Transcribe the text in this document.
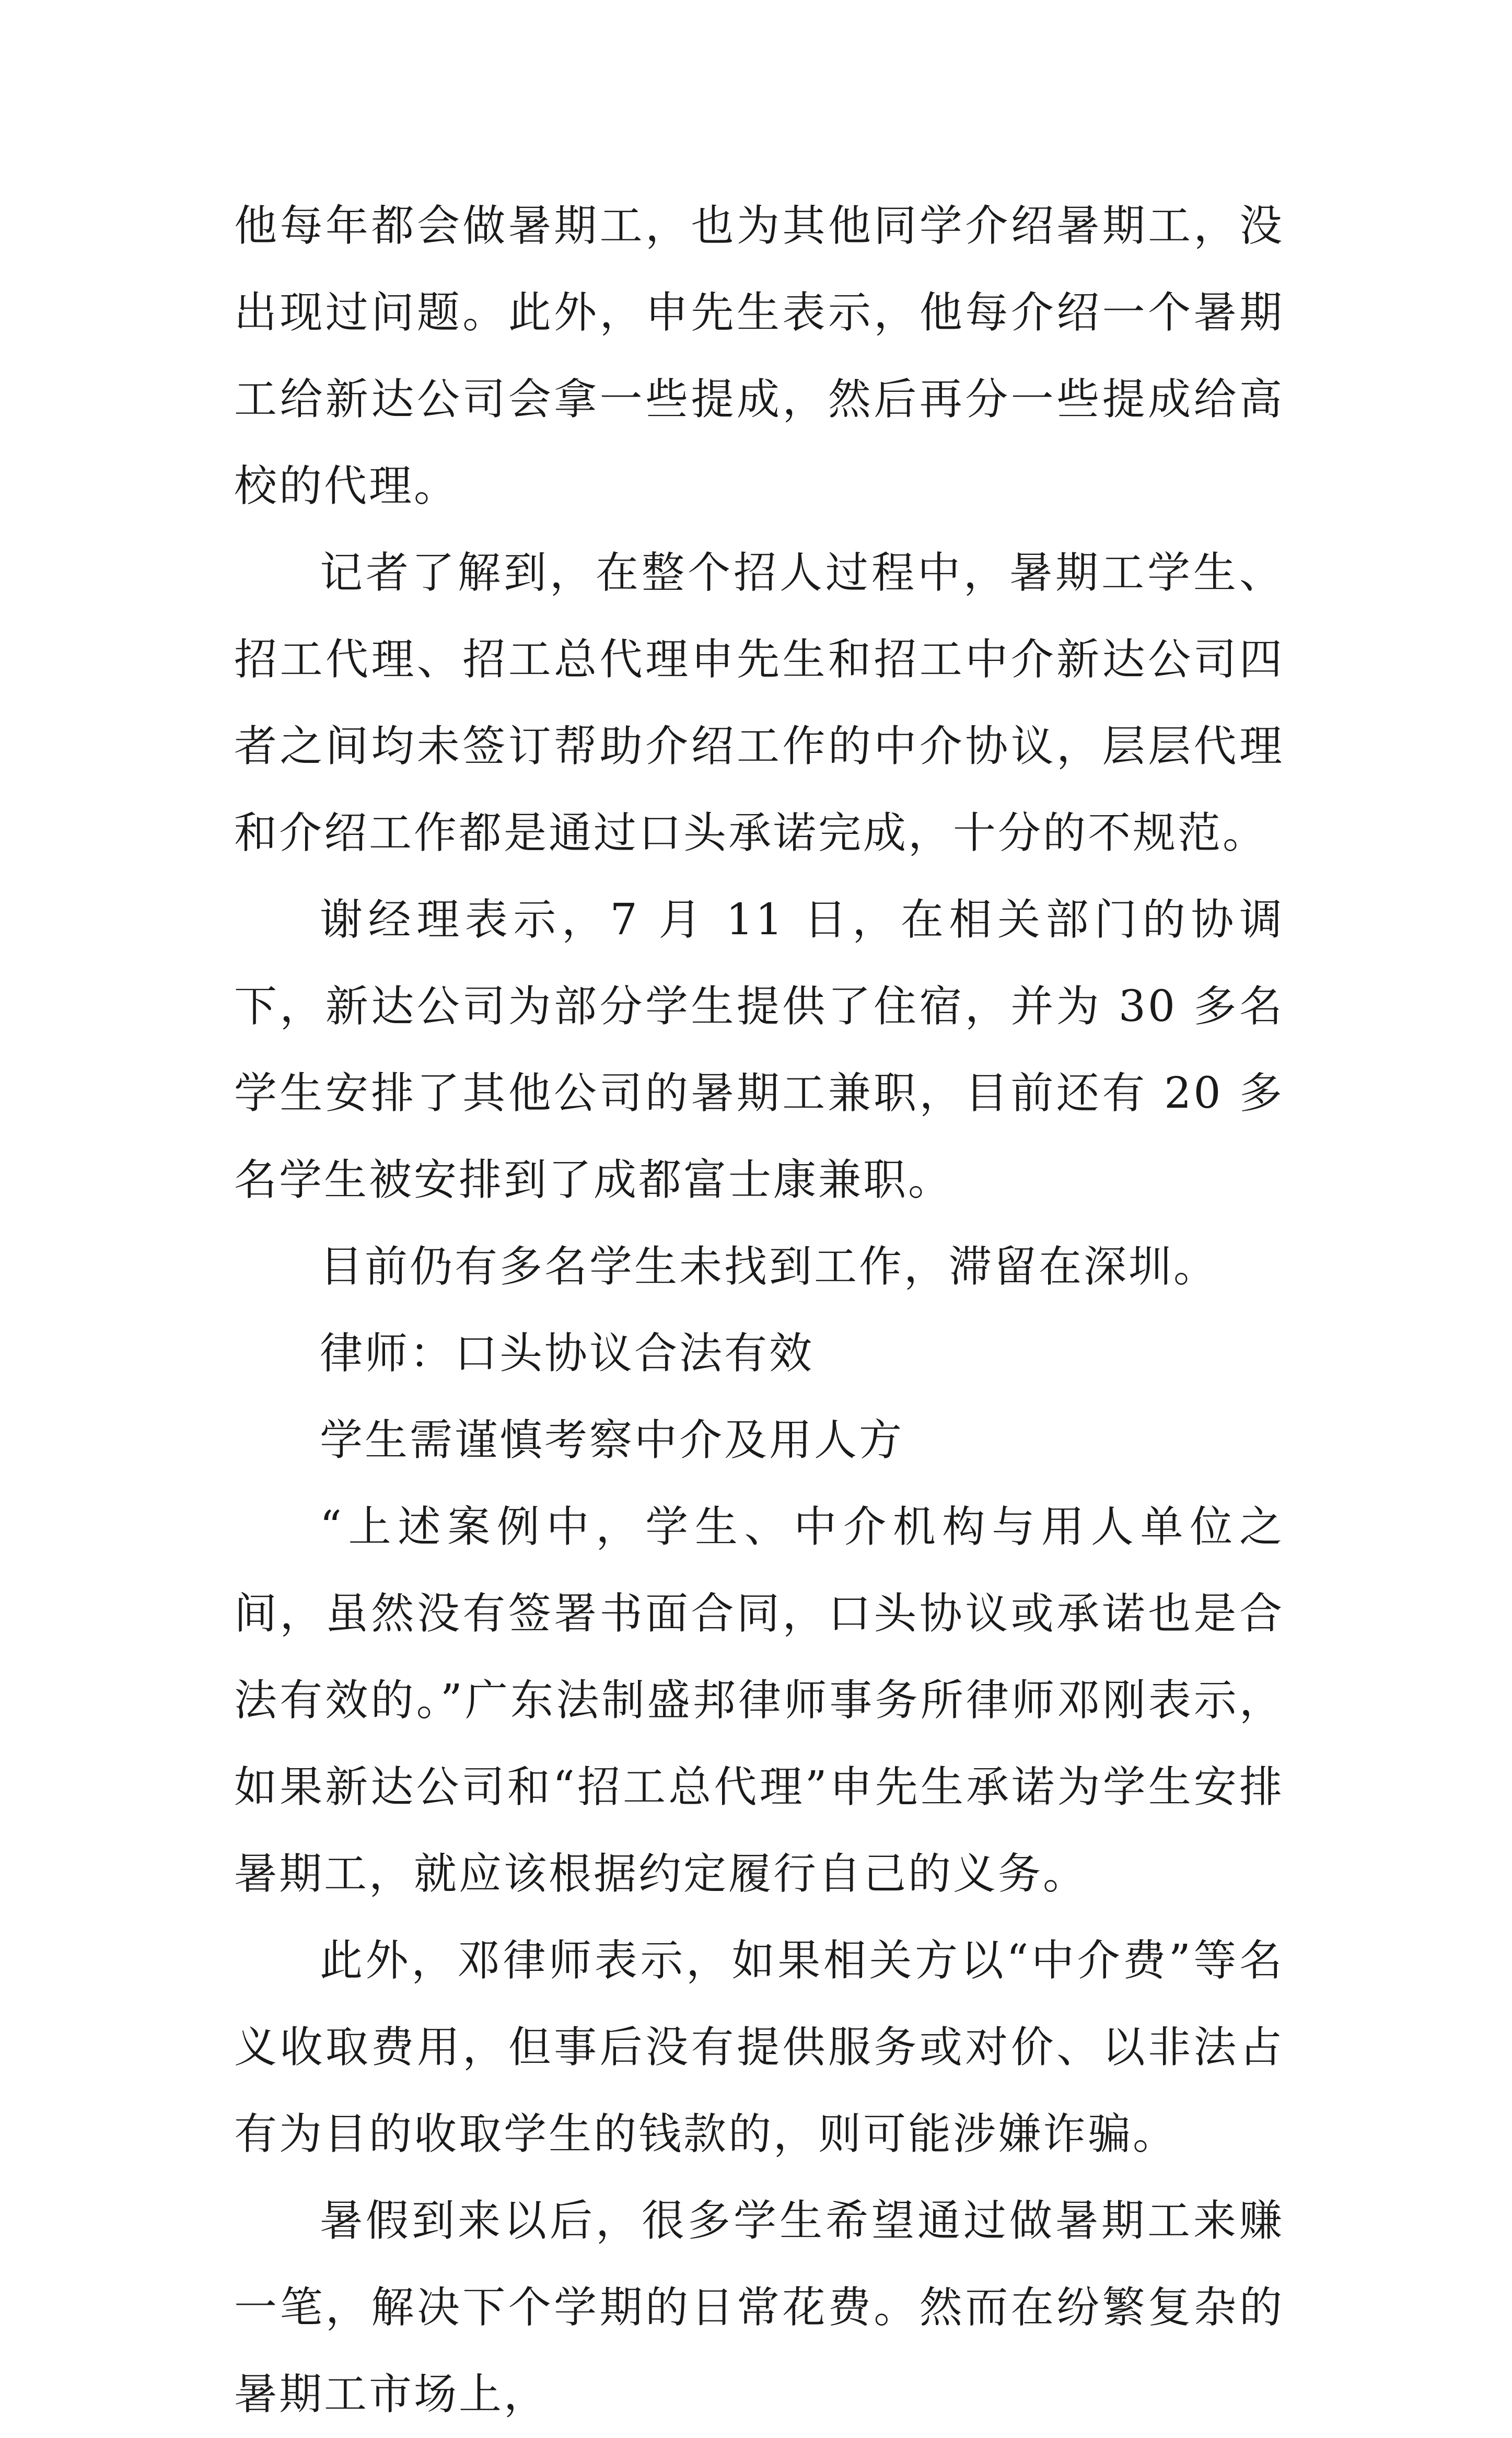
他每年都会做暑期工，也为其他同学介绍暑期工，没出现过问题。此外，申先生表示，他每介绍一个暑期工给新达公司会拿一些提成，然后再分一些提成给高校的代理。

记者了解到，在整个招人过程中，暑期工学生、招工代理、招工总代理申先生和招工中介新达公司四者之间均未签订帮助介绍工作的中介协议，层层代理和介绍工作都是通过口头承诺完成，十分的不规范。

谢经理表示，7 月 11 日，在相关部门的协调下，新达公司为部分学生提供了住宿，并为 30 多名学生安排了其他公司的暑期工兼职，目前还有 20 多名学生被安排到了成都富士康兼职。

目前仍有多名学生未找到工作，滞留在深圳。

律师：口头协议合法有效

学生需谨慎考察中介及用人方

“上述案例中，学生、中介机构与用人单位之间，虽然没有签署书面合同，口头协议或承诺也是合法有效的。”广东法制盛邦律师事务所律师邓刚表示，如果新达公司和“招工总代理”申先生承诺为学生安排暑期工，就应该根据约定履行自己的义务。

此外，邓律师表示，如果相关方以“中介费”等名义收取费用，但事后没有提供服务或对价、以非法占有为目的收取学生的钱款的，则可能涉嫌诈骗。

暑假到来以后，很多学生希望通过做暑期工来赚一笔，解决下个学期的日常花费。然而在纷繁复杂的暑期工市场上，
